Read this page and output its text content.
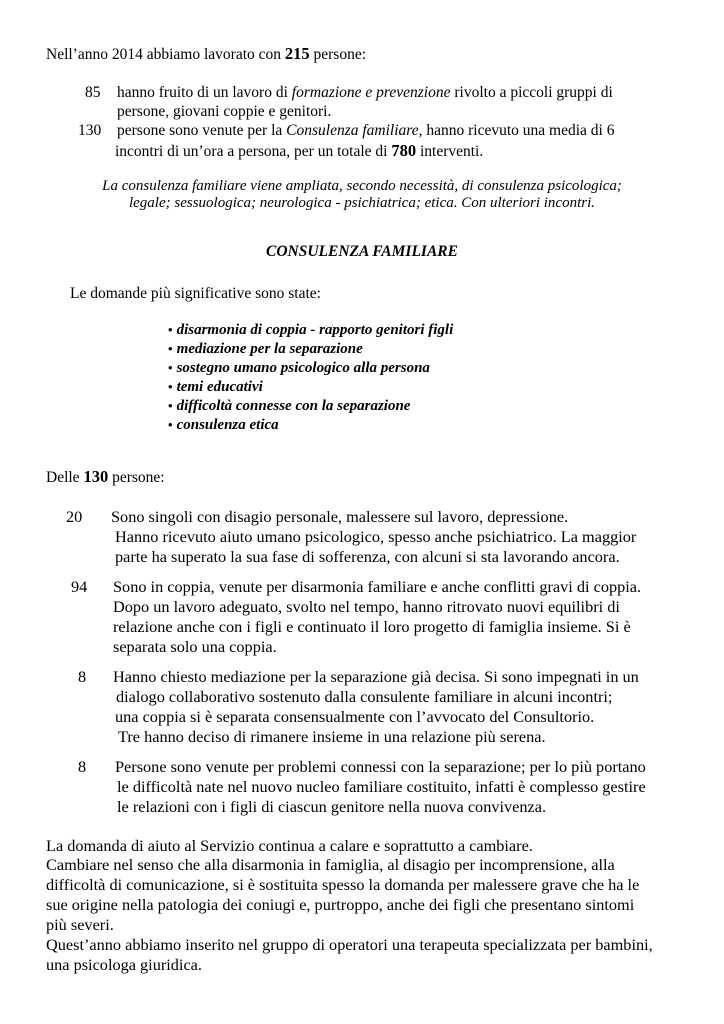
Nell’anno 2014 abbiamo lavorato con 215 persone:
85 hanno fruito di un lavoro di formazione e prevenzione rivolto a piccoli gruppi di
persone, giovani coppie e genitori.
130 persone sono venute per la Consulenza familiare, hanno ricevuto una media di 6
incontri di un’ora a persona, per un totale di 780 interventi.
La consulenza familiare viene ampliata, secondo necessità, di consulenza psicologica;
legale; sessuologica; neurologica - psichiatrica; etica. Con ulteriori incontri.
CONSULENZA FAMILIARE
Le domande più significative sono state:
• disarmonia di coppia - rapporto genitori figli
• mediazione per la separazione
• sostegno umano psicologico alla persona
• temi educativi
• difficoltà connesse con la separazione
• consulenza etica
Delle 130 persone:
20 Sono singoli con disagio personale, malessere sul lavoro, depressione.
Hanno ricevuto aiuto umano psicologico, spesso anche psichiatrico. La maggior
parte ha superato la sua fase di sofferenza, con alcuni si sta lavorando ancora.
94 Sono in coppia, venute per disarmonia familiare e anche conflitti gravi di coppia.
Dopo un lavoro adeguato, svolto nel tempo, hanno ritrovato nuovi equilibri di
relazione anche con i figli e continuato il loro progetto di famiglia insieme. Si è
separata solo una coppia.
8 Hanno chiesto mediazione per la separazione già decisa. Si sono impegnati in un
dialogo collaborativo sostenuto dalla consulente familiare in alcuni incontri;
una coppia si è separata consensualmente con l’avvocato del Consultorio.
Tre hanno deciso di rimanere insieme in una relazione più serena.
8 Persone sono venute per problemi connessi con la separazione; per lo più portano
le difficoltà nate nel nuovo nucleo familiare costituito, infatti è complesso gestire
le relazioni con i figli di ciascun genitore nella nuova convivenza.
La domanda di aiuto al Servizio continua a calare e soprattutto a cambiare.
Cambiare nel senso che alla disarmonia in famiglia, al disagio per incomprensione, alla
difficoltà di comunicazione, si è sostituita spesso la domanda per malessere grave che ha le
sue origine nella patologia dei coniugi e, purtroppo, anche dei figli che presentano sintomi
più severi.
Quest’anno abbiamo inserito nel gruppo di operatori una terapeuta specializzata per bambini,
una psicologa giuridica.
